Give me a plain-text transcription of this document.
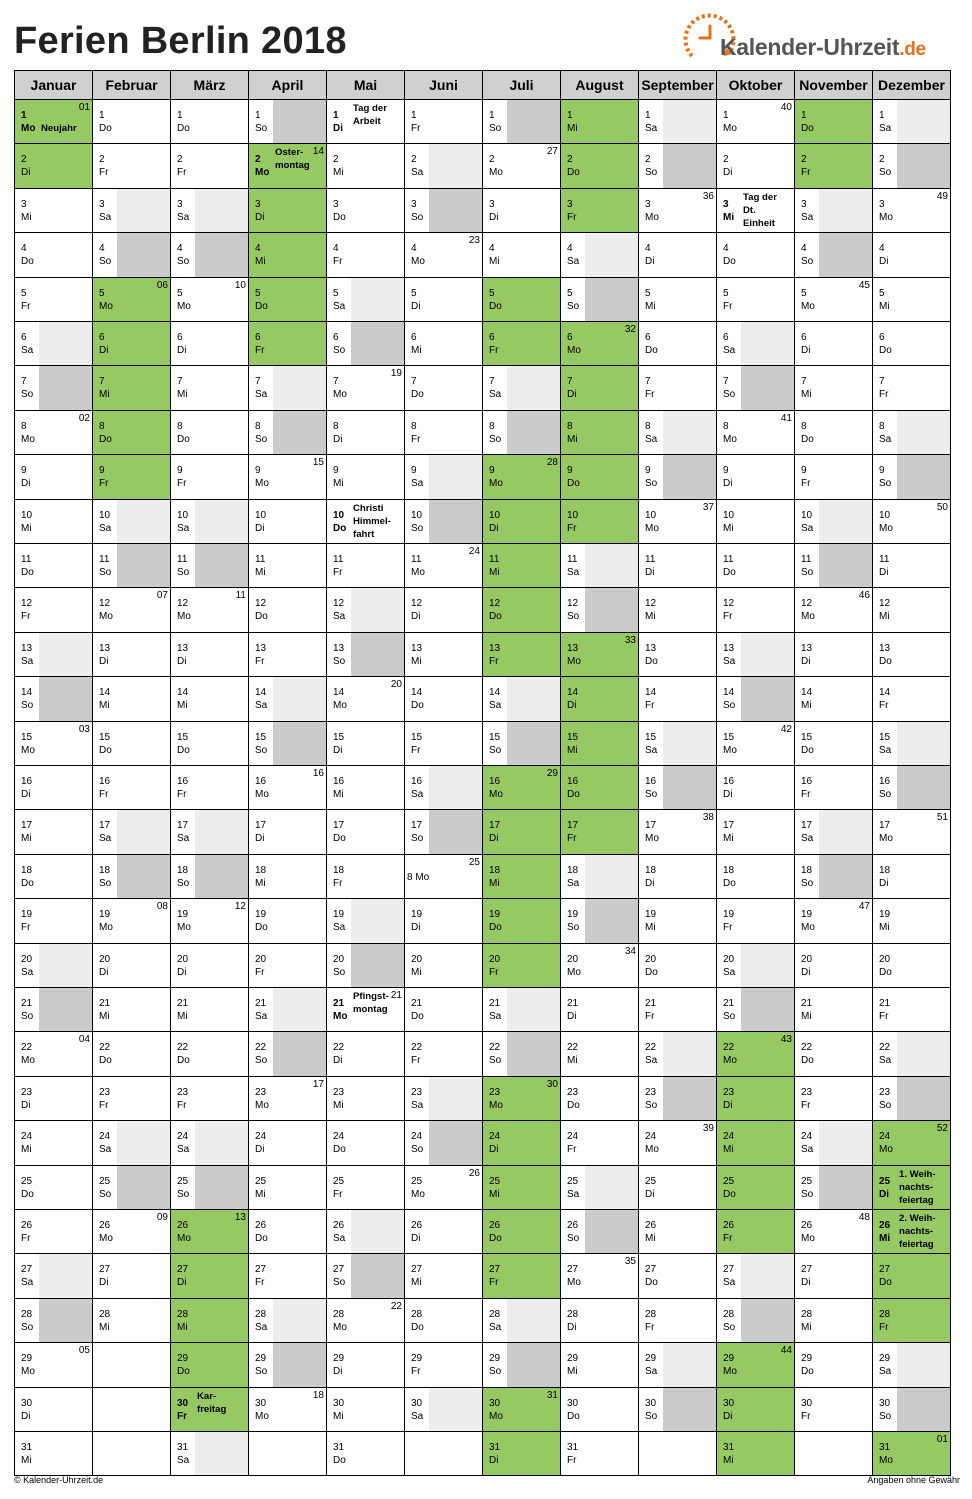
Ferien Berlin 2018	Kalender-Uhrzeit.de
Januar
1
Mo
01
Neujahr
2
Di
3
Mi
4
Do
5
Fr
6
Sa
7
So
8
Mo
02
9
Di
10
Mi
11
Do
12
Fr
13
Sa
14
So
15
Mo
03
16
Di
17
Mi
18
Do
19
Fr
20
Sa
21
So
22
Mo
04
23
Di
24
Mi
25
Do
26
Fr
27
Sa
28
So
29
Mo
05
30
Di
31
Mi
Februar
1
Do
2
Fr
3
Sa
4
So
5
Mo
06
6
Di
7
Mi
8
Do
9
Fr
10
Sa
11
So
12
Mo
07
13
Di
14
Mi
15
Do
16
Fr
17
Sa
18
So
19
Mo
08
20
Di
21
Mi
22
Do
23
Fr
24
Sa
25
So
26
Mo
09
27
Di
28
Mi
März
1
Do
2
Fr
3
Sa
4
So
5
Mo
10
6
Di
7
Mi
8
Do
9
Fr
10
Sa
11
So
12
Mo
11
13
Di
14
Mi
15
Do
16
Fr
17
Sa
18
So
19
Mo
12
20
Di
21
Mi
22
Do
23
Fr
24
Sa
25
So
26
Mo
13
27
Di
28
Mi
29
Do
30
Fr
Kar-
freitag
31
Sa
April
1
So
2
Mo
14
Oster-
montag
3
Di
4
Mi
5
Do
6
Fr
7
Sa
8
So
9
Mo
15
10
Di
11
Mi
12
Do
13
Fr
14
Sa
15
So
16
Mo
16
17
Di
18
Mi
19
Do
20
Fr
21
Sa
22
So
23
Mo
17
24
Di
25
Mi
26
Do
27
Fr
28
Sa
29
So
30
Mo
18
Mai
1
Di
Tag der
Arbeit
2
Mi
3
Do
4
Fr
5
Sa
6
So
7
Mo
19
8
Di
9
Mi
10
Do
Christi
Himmel-
fahrt
11
Fr
12
Sa
13
So
14
Mo
20
15
Di
16
Mi
17
Do
18
Fr
19
Sa
20
So
21
Mo
21
Pfingst-
montag
22
Di
23
Mi
24
Do
25
Fr
26
Sa
27
So
28
Mo
22
29
Di
30
Mi
31
Do
Juni
1
Fr
2
Sa
3
So
4
Mo
23
5
Di
6
Mi
7
Do
8
Fr
9
Sa
10
So
11
Mo
24
12
Di
13
Mi
14
Do
15
Fr
16
Sa
17
So
8 Mo
25
19
Di
20
Mi
21
Do
22
Fr
23
Sa
24
So
25
Mo
26
26
Di
27
Mi
28
Do
29
Fr
30
Sa
Juli
1
So
2
Mo
27
3
Di
4
Mi
5
Do
6
Fr
7
Sa
8
So
9
Mo
28
10
Di
11
Mi
12
Do
13
Fr
14
Sa
15
So
16
Mo
29
17
Di
18
Mi
19
Do
20
Fr
21
Sa
22
So
23
Mo
30
24
Di
25
Mi
26
Do
27
Fr
28
Sa
29
So
30
Mo
31
31
Di
August
1
Mi
2
Do
3
Fr
4
Sa
5
So
6
Mo
32
7
Di
8
Mi
9
Do
10
Fr
11
Sa
12
So
13
Mo
33
14
Di
15
Mi
16
Do
17
Fr
18
Sa
19
So
20
Mo
34
21
Di
22
Mi
23
Do
24
Fr
25
Sa
26
So
27
Mo
35
28
Di
29
Mi
30
Do
31
Fr
September
1
Sa
2
So
3
Mo
36
4
Di
5
Mi
6
Do
7
Fr
8
Sa
9
So
10
Mo
37
11
Di
12
Mi
13
Do
14
Fr
15
Sa
16
So
17
Mo
38
18
Di
19
Mi
20
Do
21
Fr
22
Sa
23
So
24
Mo
39
25
Di
26
Mi
27
Do
28
Fr
29
Sa
30
So
Oktober
1
Mo
40
2
Di
3
Mi
Tag der
Dt.
Einheit
4
Do
5
Fr
6
Sa
7
So
8
Mo
41
9
Di
10
Mi
11
Do
12
Fr
13
Sa
14
So
15
Mo
42
16
Di
17
Mi
18
Do
19
Fr
20
Sa
21
So
22
Mo
43
23
Di
24
Mi
25
Do
26
Fr
27
Sa
28
So
29
Mo
44
30
Di
31
Mi
November
1
Do
2
Fr
3
Sa
4
So
5
Mo
45
6
Di
7
Mi
8
Do
9
Fr
10
Sa
11
So
12
Mo
46
13
Di
14
Mi
15
Do
16
Fr
17
Sa
18
So
19
Mo
47
20
Di
21
Mi
22
Do
23
Fr
24
Sa
25
So
26
Mo
48
27
Di
28
Mi
29
Do
30
Fr
Dezember
1
Sa
2
So
3
Mo
49
4
Di
5
Mi
6
Do
7
Fr
8
Sa
9
So
10
Mo
50
11
Di
12
Mi
13
Do
14
Fr
15
Sa
16
So
17
Mo
51
18
Di
19
Mi
20
Do
21
Fr
22
Sa
23
So
24
Mo
52
25
Di
1. Weih-
nachts-
feiertag
26
Mi
2. Weih-
nachts-
feiertag
27
Do
28
Fr
29
Sa
30
So
31
Mo
01
© Kalender-Uhrzeit.de	Angaben ohne Gewähr
